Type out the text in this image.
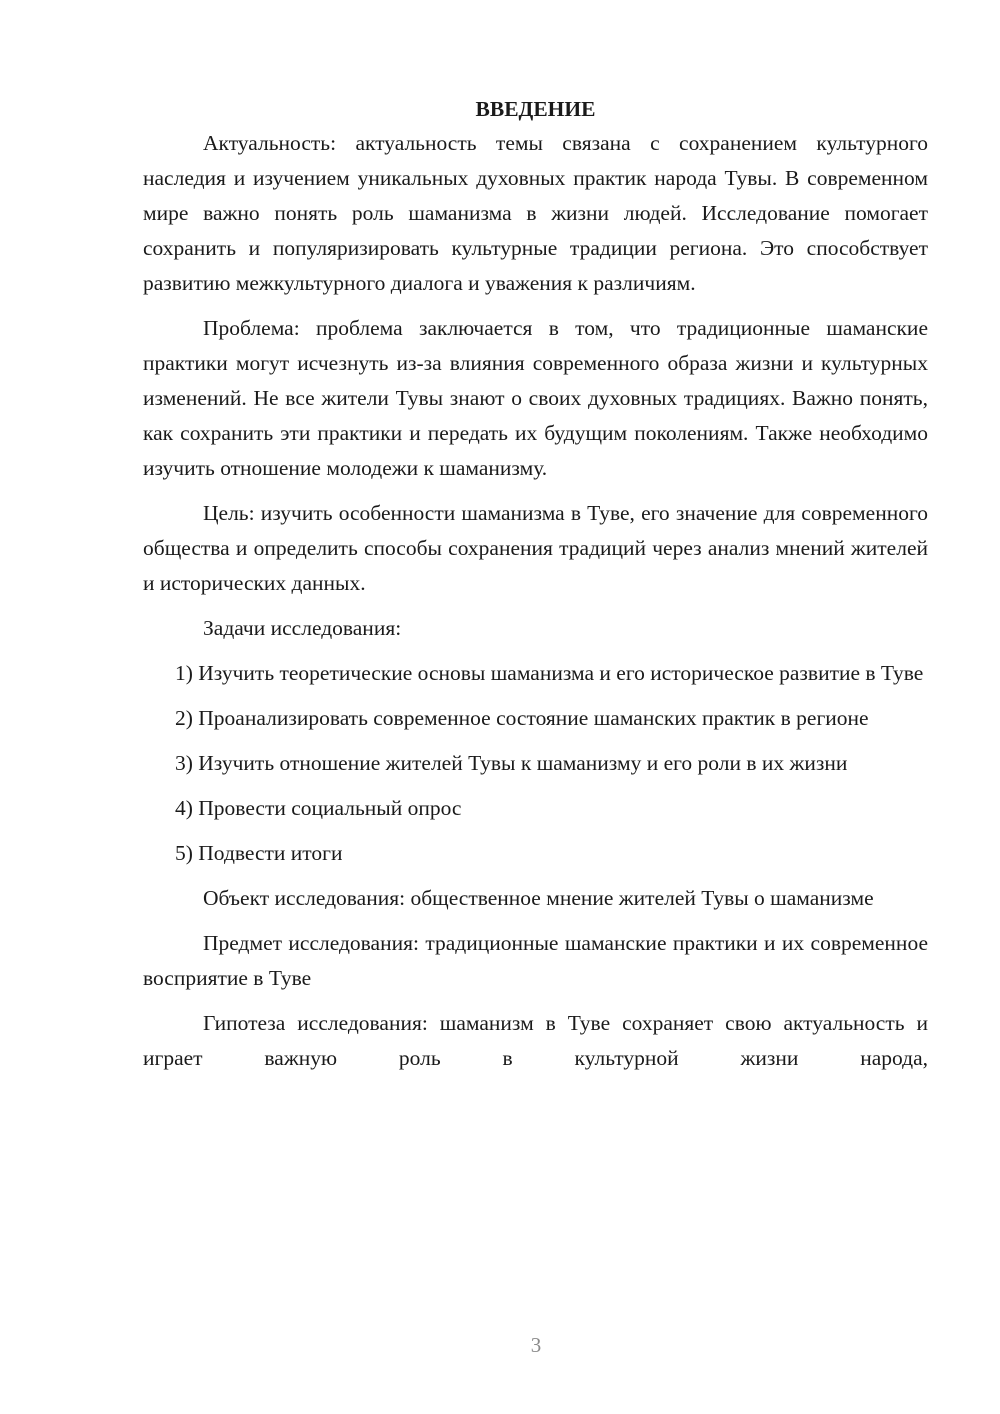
ВВЕДЕНИЕ

Актуальность: актуальность темы связана с сохранением культурного наследия и изучением уникальных духовных практик народа Тувы. В современном мире важно понять роль шаманизма в жизни людей. Исследование помогает сохранить и популяризировать культурные традиции региона. Это способствует развитию межкультурного диалога и уважения к различиям.

Проблема: проблема заключается в том, что традиционные шаманские практики могут исчезнуть из-за влияния современного образа жизни и культурных изменений. Не все жители Тувы знают о своих духовных традициях. Важно понять, как сохранить эти практики и передать их будущим поколениям. Также необходимо изучить отношение молодежи к шаманизму.

Цель: изучить особенности шаманизма в Туве, его значение для современного общества и определить способы сохранения традиций через анализ мнений жителей и исторических данных.

Задачи исследования:

1) Изучить теоретические основы шаманизма и его историческое развитие в Туве

2) Проанализировать современное состояние шаманских практик в регионе

3) Изучить отношение жителей Тувы к шаманизму и его роли в их жизни

4) Провести социальный опрос

5) Подвести итоги

Объект исследования: общественное мнение жителей Тувы о шаманизме

Предмет исследования: традиционные шаманские практики и их современное восприятие в Туве

Гипотеза исследования: шаманизм в Туве сохраняет свою актуальность и играет важную роль в культурной жизни народа,

3
